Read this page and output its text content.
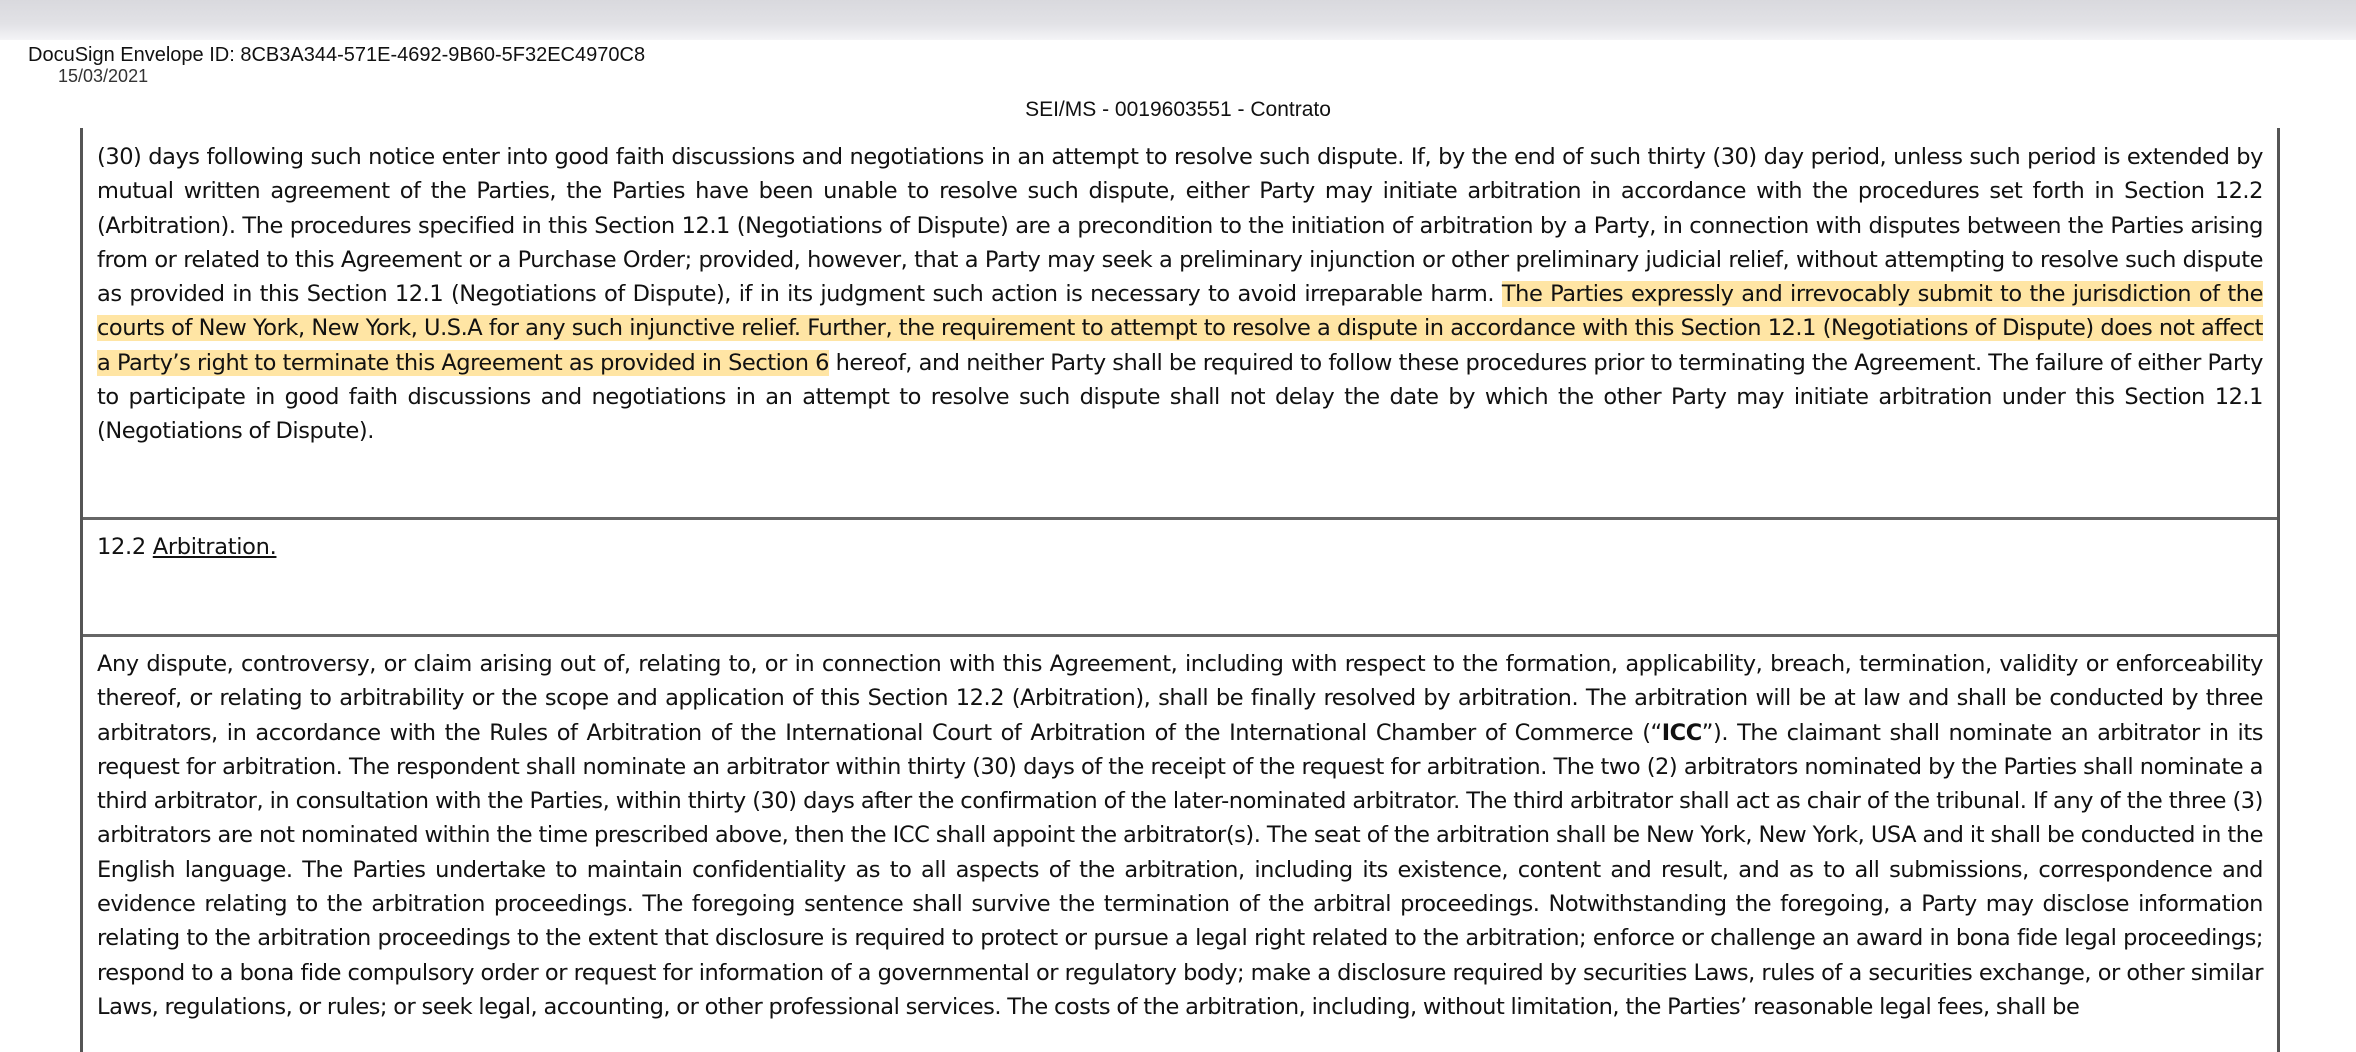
DocuSign Envelope ID: 8CB3A344-571E-4692-9B60-5F32EC4970C8
SEI/MS - 0019603551 - Contrato

(30) days following such notice enter into good faith discussions and negotiations in an attempt to resolve such dispute. If, by the end of such thirty (30) day period, unless such period is extended by mutual written agreement of the Parties, the Parties have been unable to resolve such dispute, either Party may initiate arbitration in accordance with the procedures set forth in Section 12.2 (Arbitration). The procedures specified in this Section 12.1 (Negotiations of Dispute) are a precondition to the initiation of arbitration by a Party, in connection with disputes between the Parties arising from or related to this Agreement or a Purchase Order; provided, however, that a Party may seek a preliminary injunction or other preliminary judicial relief, without attempting to resolve such dispute as provided in this Section 12.1 (Negotiations of Dispute), if in its judgment such action is necessary to avoid irreparable harm. The Parties expressly and irrevocably submit to the jurisdiction of the courts of New York, New York, U.S.A for any such injunctive relief. Further, the requirement to attempt to resolve a dispute in accordance with this Section 12.1 (Negotiations of Dispute) does not affect a Party’s right to terminate this Agreement as provided in Section 6 hereof, and neither Party shall be required to follow these procedures prior to terminating the Agreement. The failure of either Party to participate in good faith discussions and negotiations in an attempt to resolve such dispute shall not delay the date by which the other Party may initiate arbitration under this Section 12.1 (Negotiations of Dispute).

12.2 Arbitration.

Any dispute, controversy, or claim arising out of, relating to, or in connection with this Agreement, including with respect to the formation, applicability, breach, termination, validity or enforceability thereof, or relating to arbitrability or the scope and application of this Section 12.2 (Arbitration), shall be finally resolved by arbitration. The arbitration will be at law and shall be conducted by three arbitrators, in accordance with the Rules of Arbitration of the International Court of Arbitration of the International Chamber of Commerce (“ICC”). The claimant shall nominate an arbitrator in its request for arbitration. The respondent shall nominate an arbitrator within thirty (30) days of the receipt of the request for arbitration. The two (2) arbitrators nominated by the Parties shall nominate a third arbitrator, in consultation with the Parties, within thirty (30) days after the confirmation of the later-nominated arbitrator. The third arbitrator shall act as chair of the tribunal. If any of the three (3) arbitrators are not nominated within the time prescribed above, then the ICC shall appoint the arbitrator(s). The seat of the arbitration shall be New York, New York, USA and it shall be conducted in the English language. The Parties undertake to maintain confidentiality as to all aspects of the arbitration, including its existence, content and result, and as to all submissions, correspondence and evidence relating to the arbitration proceedings. The foregoing sentence shall survive the termination of the arbitral proceedings. Notwithstanding the foregoing, a Party may disclose information relating to the arbitration proceedings to the extent that disclosure is required to protect or pursue a legal right related to the arbitration; enforce or challenge an award in bona fide legal proceedings; respond to a bona fide compulsory order or request for information of a governmental or regulatory body; make a disclosure required by securities Laws, rules of a securities exchange, or other similar Laws, regulations, or rules; or seek legal, accounting, or other professional services. The costs of the arbitration, including, without limitation, the Parties’ reasonable legal fees, shall be
